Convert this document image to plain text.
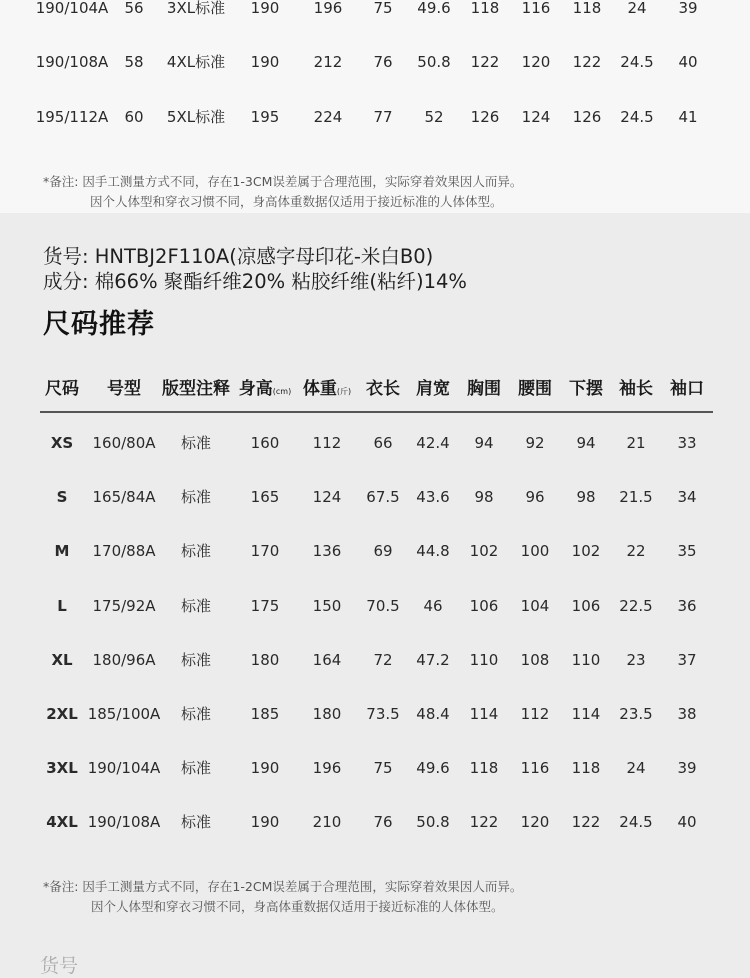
190/104A 56 3XL标准 190 196 75 49.6 118 116 118 24 39
190/108A 58 4XL标准 190 212 76 50.8 122 120 122 24.5 40
195/112A 60 5XL标准 195 224 77 52 126 124 126 24.5 41
*备注: 因手工测量方式不同，存在1-3CM误差属于合理范围，实际穿着效果因人而异。
因个人体型和穿衣习惯不同，身高体重数据仅适用于接近标准的人体体型。
货号: HNTBJ2F110A(凉感字母印花-米白B0)
成分: 棉66% 聚酯纤维20% 粘胶纤维(粘纤)14%
尺码推荐
尺码 号型 版型注释 身高(cm) 体重(斤) 衣长 肩宽 胸围 腰围 下摆 袖长 袖口
XS 160/80A 标准	160 112 66 42.4 94 92 94 21 33
S 165/84A 标准	165 124 67.5 43.6 98 96 98 21.5 34
M 170/88A 标准	170 136 69 44.8 102 100 102 22 35
L 175/92A 标准	175 150 70.5 46 106 104 106 22.5 36
XL 180/96A 标准	180 164 72 47.2 110 108 110 23 37
2XL 185/100A 标准	185 180 73.5 48.4 114 112 114 23.5 38
3XL 190/104A 标准	190 196 75 49.6 118 116 118 24 39
4XL 190/108A 标准	190 210 76 50.8 122 120 122 24.5 40
*备注: 因手工测量方式不同，存在1-2CM误差属于合理范围，实际穿着效果因人而异。
因个人体型和穿衣习惯不同，身高体重数据仅适用于接近标准的人体体型。
货号
